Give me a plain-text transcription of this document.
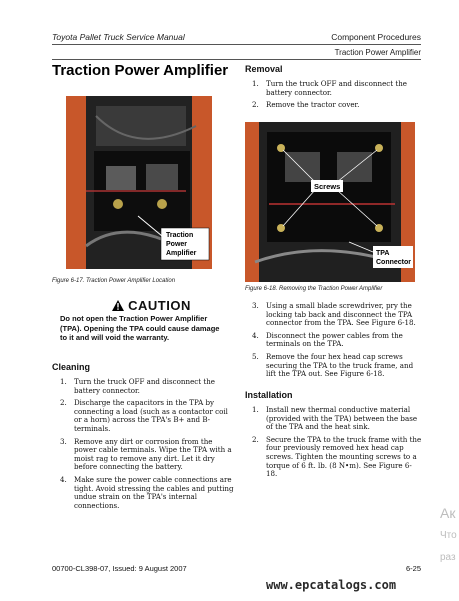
Toyota Pallet Truck Service Manual	Component Procedures
Traction Power Amplifier
Traction Power Amplifier
Traction
Power
Amplifier
Figure 6-17. Traction Power Amplifier Location
CAUTION
Do not open the Traction Power Amplifier (TPA). Opening the TPA could cause damage to it and will void the warranty.
Cleaning
1.	Turn the truck OFF and disconnect the battery connector.
2.	Discharge the capacitors in the TPA by connecting a load (such as a contactor coil or a horn) across the TPA's B+ and B- terminals.
3.	Remove any dirt or corrosion from the power cable terminals. Wipe the TPA with a moist rag to remove any dirt. Let it dry before connecting the battery.
4.	Make sure the power cable connections are tight. Avoid stressing the cables and putting undue strain on the TPA's internal connections.
Removal
1.	Turn the truck OFF and disconnect the battery connector.
2.	Remove the tractor cover.
Screws
TPA
Connector
Figure 6-18. Removing the Traction Power Amplifier
3.	Using a small blade screwdriver, pry the locking tab back and disconnect the TPA connector from the TPA. See Figure 6-18.
4.	Disconnect the power cables from the terminals on the TPA.
5.	Remove the four hex head cap screws securing the TPA to the truck frame, and lift the TPA out. See Figure 6-18.
Installation
1.	Install new thermal conductive material (provided with the TPA) between the base of the TPA and the heat sink.
2.	Secure the TPA to the truck frame with the four previously removed hex head cap screws. Tighten the mounting screws to a torque of 6 ft. lb. (8 N•m). See Figure 6-18.
00700-CL398-07, Issued: 9 August 2007	6-25
www.epcatalogs.com
Ак
Что
раз
